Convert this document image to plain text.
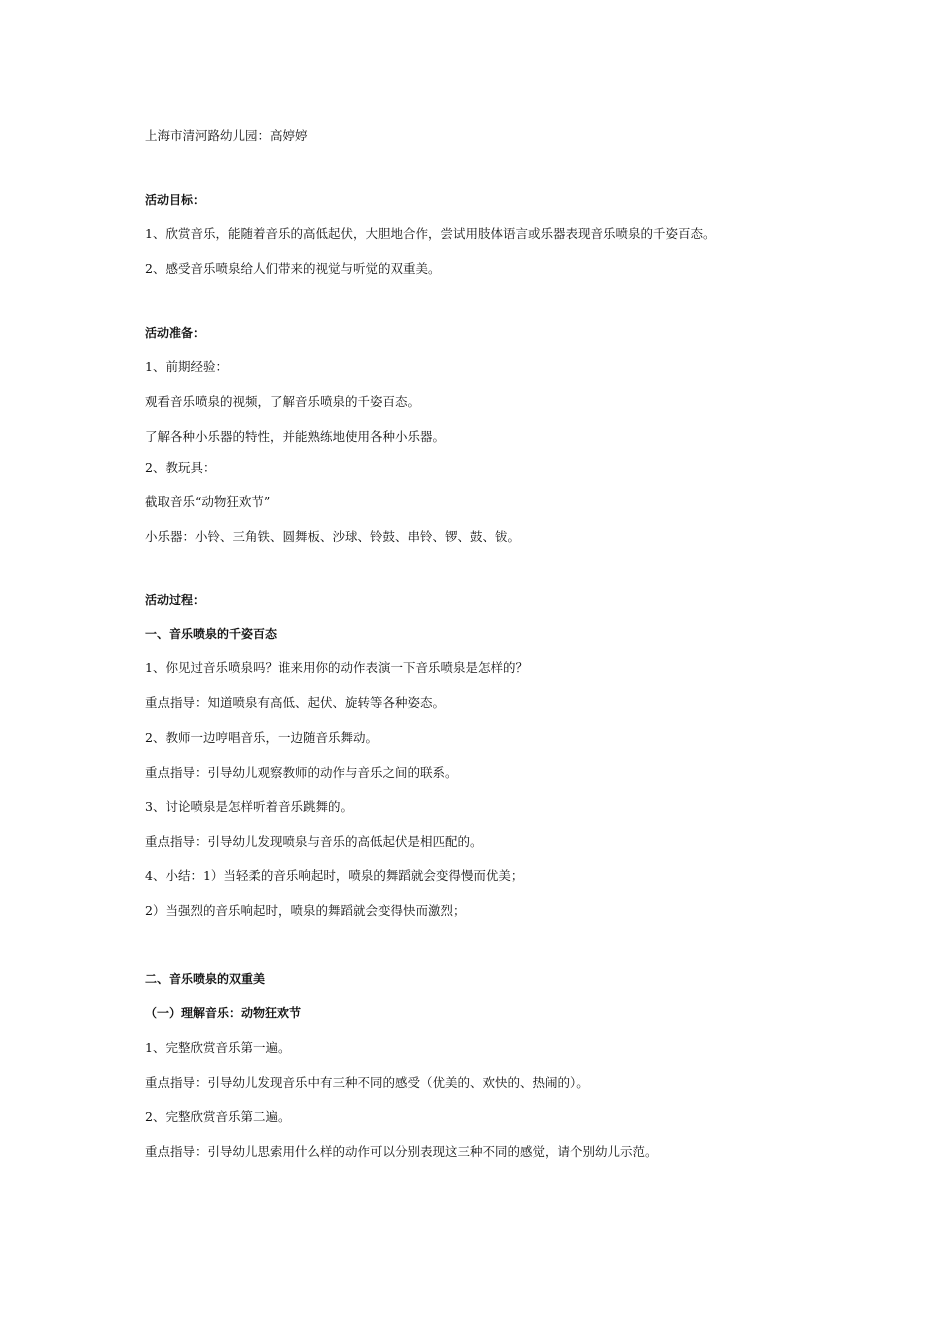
上海市清河路幼儿园：高婷婷
活动目标：
1、欣赏音乐，能随着音乐的高低起伏，大胆地合作，尝试用肢体语言或乐器表现音乐喷泉的千姿百态。
2、感受音乐喷泉给人们带来的视觉与听觉的双重美。
活动准备：
1、前期经验：
观看音乐喷泉的视频，了解音乐喷泉的千姿百态。
了解各种小乐器的特性，并能熟练地使用各种小乐器。
2、教玩具：
截取音乐“动物狂欢节”
小乐器：小铃、三角铁、圆舞板、沙球、铃鼓、串铃、锣、鼓、钹。
活动过程：
一、音乐喷泉的千姿百态
1、你见过音乐喷泉吗？谁来用你的动作表演一下音乐喷泉是怎样的？
重点指导：知道喷泉有高低、起伏、旋转等各种姿态。
2、教师一边哼唱音乐，一边随音乐舞动。
重点指导：引导幼儿观察教师的动作与音乐之间的联系。
3、讨论喷泉是怎样听着音乐跳舞的。
重点指导：引导幼儿发现喷泉与音乐的高低起伏是相匹配的。
4、小结：1）当轻柔的音乐响起时，喷泉的舞蹈就会变得慢而优美；
2）当强烈的音乐响起时，喷泉的舞蹈就会变得快而激烈；
二、音乐喷泉的双重美
（一）理解音乐：动物狂欢节
1、完整欣赏音乐第一遍。
重点指导：引导幼儿发现音乐中有三种不同的感受（优美的、欢快的、热闹的）。
2、完整欣赏音乐第二遍。
重点指导：引导幼儿思索用什么样的动作可以分别表现这三种不同的感觉，请个别幼儿示范。
